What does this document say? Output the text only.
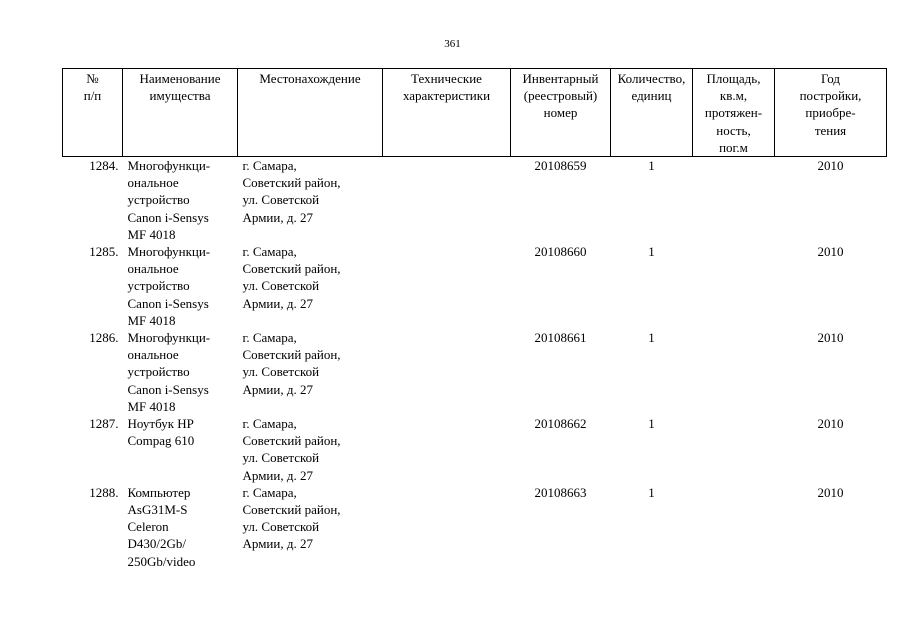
361
№
п/п	Наименование
имущества	Местонахождение	Технические
характеристики	Инвентарный
(реестровый)
номер	Количество,
единиц	Площадь,
кв.м,
протяжен-
ность,
пог.м	Год
постройки,
приобре-
тения

1284.	Многофункци-
ональное
устройство
Canon i-Sensys
MF 4018	г. Самара,
Советский район,
ул. Советской
Армии, д. 27		20108659	1		2010
1285.	Многофункци-
ональное
устройство
Canon i-Sensys
MF 4018	г. Самара,
Советский район,
ул. Советской
Армии, д. 27		20108660	1		2010
1286.	Многофункци-
ональное
устройство
Canon i-Sensys
MF 4018	г. Самара,
Советский район,
ул. Советской
Армии, д. 27		20108661	1		2010
1287.	Ноутбук HP
Compag 610	г. Самара,
Советский район,
ул. Советской
Армии, д. 27		20108662	1		2010
1288.	Компьютер
AsG31M-S
Celeron
D430/2Gb/
250Gb/video	г. Самара,
Советский район,
ул. Советской
Армии, д. 27		20108663	1		2010
